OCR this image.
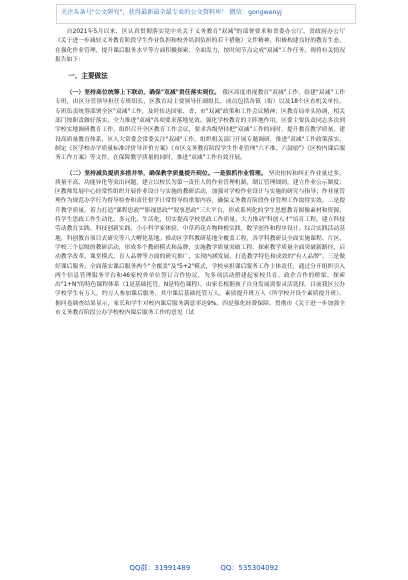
关注头条号"公文研究"，获得最新最全最专业的公文资料库！ 微信：gongwenyj

自2021年5月以来，区认真贯彻落实党中央关于义务教育"双减"的部署要求和省委办公厅、省政府办公厅《关于进一步减轻义务教育阶段学生作业负担和校外培训负担的若干措施》文件精神，积极构建良好的教育生态，在强化作业管理、提升课后服务水平等方面积极探索、全面发力，按时间节点完成"双减"工作任务。现将有关情况报告如下：

一、主要做法

（一）坚持高位统筹上下联动，确保"双减"责任落实到位。 我区高度重视教育"双减"工作，组建"双减"工作专班，由区分管领导担任专班组长，区教育局主要领导任副组长，成员包括各镇（街）以及18个区直机关单位。专班负责统筹部署全区"双减"工作，及时传达国家、省、市"双减"政策和工作会议精神；区教育局牵头协调，相关部门按职责做好落实，全力推进"双减"各项要求落地见效。强化学校教育的主阵地作用，区委主要负责同志多次到学校实地调研教育工作，组织召开全区教育工作会议，要求各级坚持把"双减"工作的同时，提升教育教学质量，建设高质量教育体系，区人大常委会常委关注"双减"工作，组织相关部门开展专题调研，推进"双减"工作政策落实。制定《区学校办学质量标准评价导评价方案》《市区义务教育阶段学生作业管理"六不准、六鼓励"》《区校内课后服务工作方案》等文件，在保障教学质量的同时，推进"双减"工作有效开展。

（二）坚持减负提质多措并举，确保教学质量提升到位。一是狠抓作业管理。 坚决扭转和纠正作业量过多、质量不高、功能异化等突出问题，建立以校长为第一责任人的作业管理机制，制订管理细则，建立作业公示制度；区教师发展中心经常性组织开展作业设计与实施的教研活动，加强对学校作业设计与实施的研究与指导；作业量管理作为规范办学行为督导检查和责任督学日常督导的重要内容，确保义务教育阶段作业管理工作取得实效。二是提升教学质量。着力打造"课程思政""影视思政""叙事思政"三大平台，形成系列化的学生思想教育图像素材和资源，将学生思政工作生动化、多元化、生活化，切实提高学校思政工作质量。大力推动"科创人才"培育工程，建立科技劳动教育实践、科技创新实践、小小科学家体验、中草药花卉物种植实践、数学创作和程序设计、综合实践活动基地，科创教育项目式研究等八大孵化基地。推动区学科教研基地全覆盖工程，各学科教研员全面实施课程、片区、学校三个层级的教研活动，形成多个教研模式和品牌，实施教学质量突破工程，探索教学质量全面突破新路径，启动教学改革、课堂模式、育人品牌等方面的研究推广，实现内涵发展，打造教学特色和成效的"有人品牌"。三是做好课后服务。全面落实课后服务两个"全覆盖"及"5+2"模式，学校承担课后服务工作主体责任，通过分开组织引入两个信息管理服务平台和46家校外单位签订合作协议，为多项活动搭建起家校共育、政企合作的桥梁。探索出"1+N"的特色课程体系（1是基础托管，N是特色课程），由家长根据孩子自身发展需要灵活选择。目前我区公办学校学生有万人，约万人参加课后服务，其中课后基础托管万人，素质提升班万人（所学校开设个素质提升班）。据问卷调查结果显示，家长和学生对校内课后服务满意率达9%。四是强化经费保障。贯彻市《关于进一步加强全市义务教育阶段公办学校校内课后服务工作的意见（试

QQ群：31991489	QQ：535304092
